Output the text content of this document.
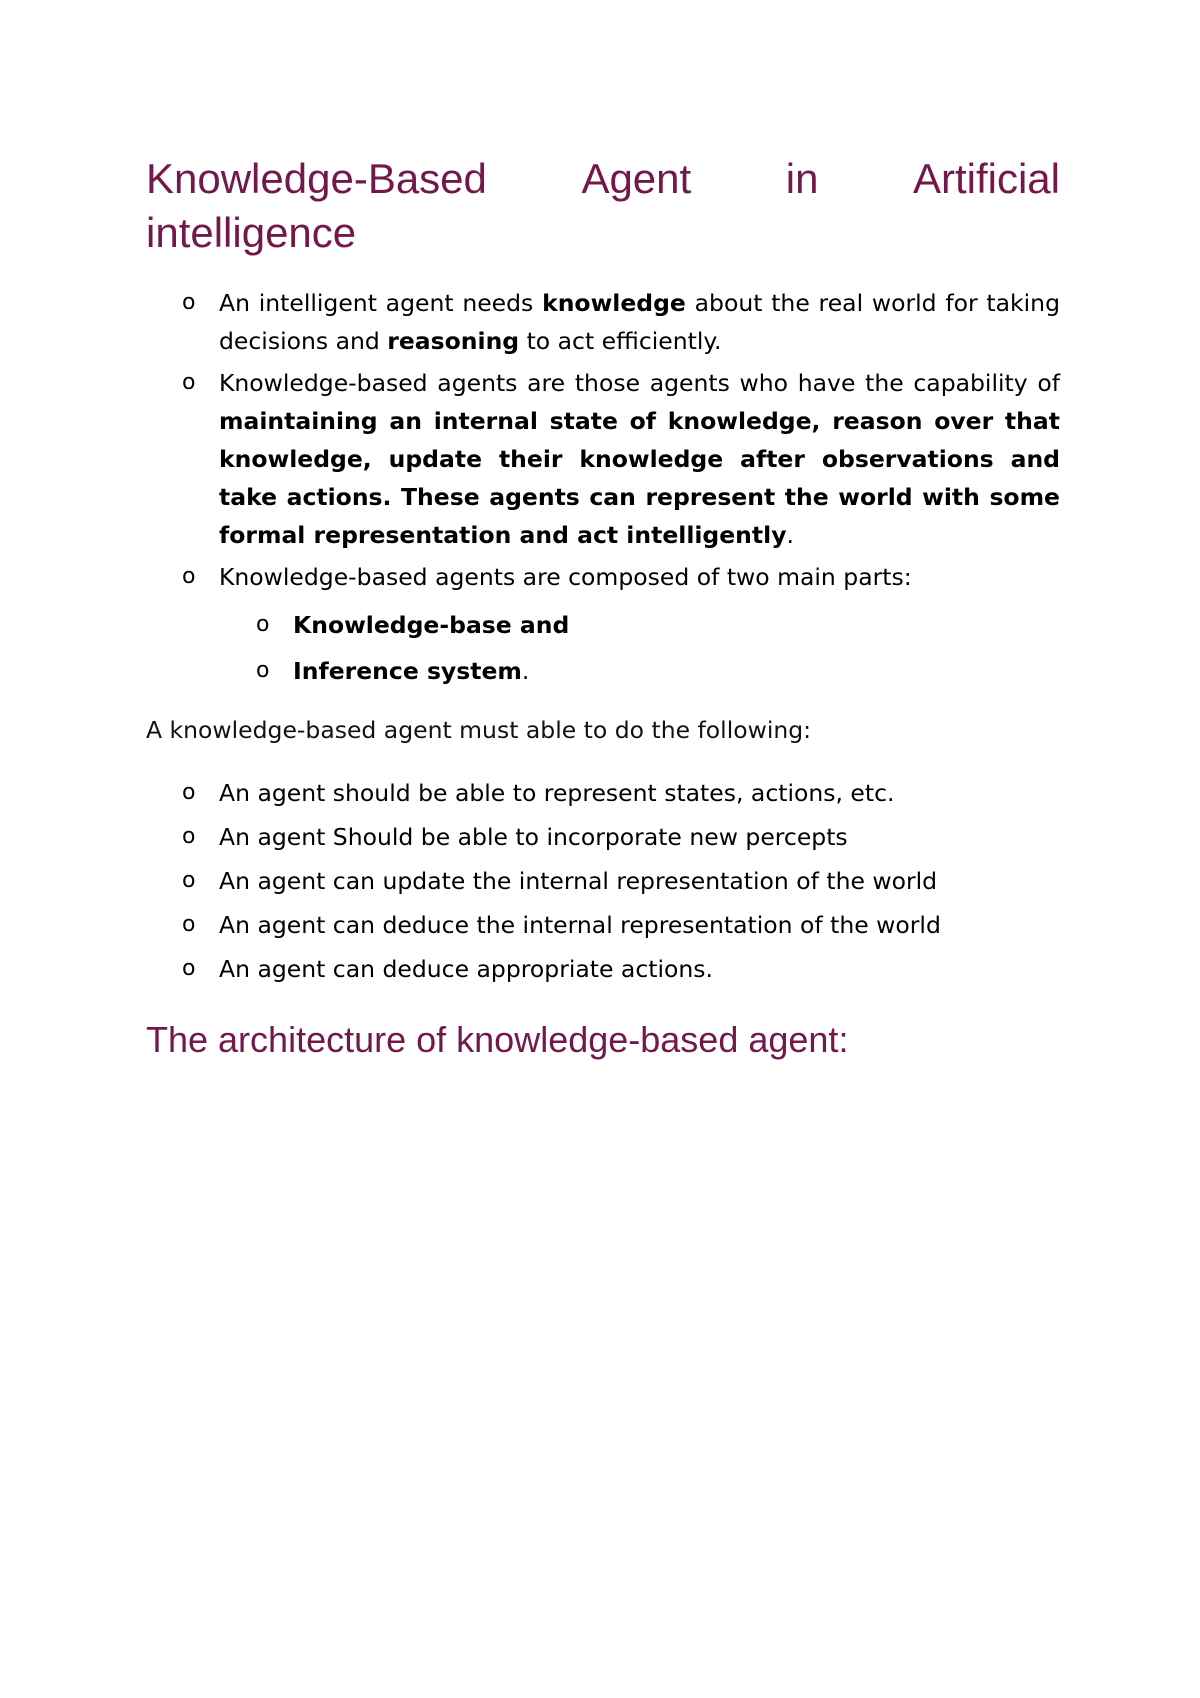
Knowledge-Based Agent in Artificial
intelligence
o An intelligent agent needs knowledge about the real world for taking decisions and reasoning to act efficiently.
o Knowledge-based agents are those agents who have the capability of maintaining an internal state of knowledge, reason over that knowledge, update their knowledge after observations and take actions. These agents can represent the world with some formal representation and act intelligently.
o Knowledge-based agents are composed of two main parts:
o Knowledge-base and
o Inference system.

A knowledge-based agent must able to do the following:

o An agent should be able to represent states, actions, etc.
o An agent Should be able to incorporate new percepts
o An agent can update the internal representation of the world
o An agent can deduce the internal representation of the world
o An agent can deduce appropriate actions.
The architecture of knowledge-based agent:
